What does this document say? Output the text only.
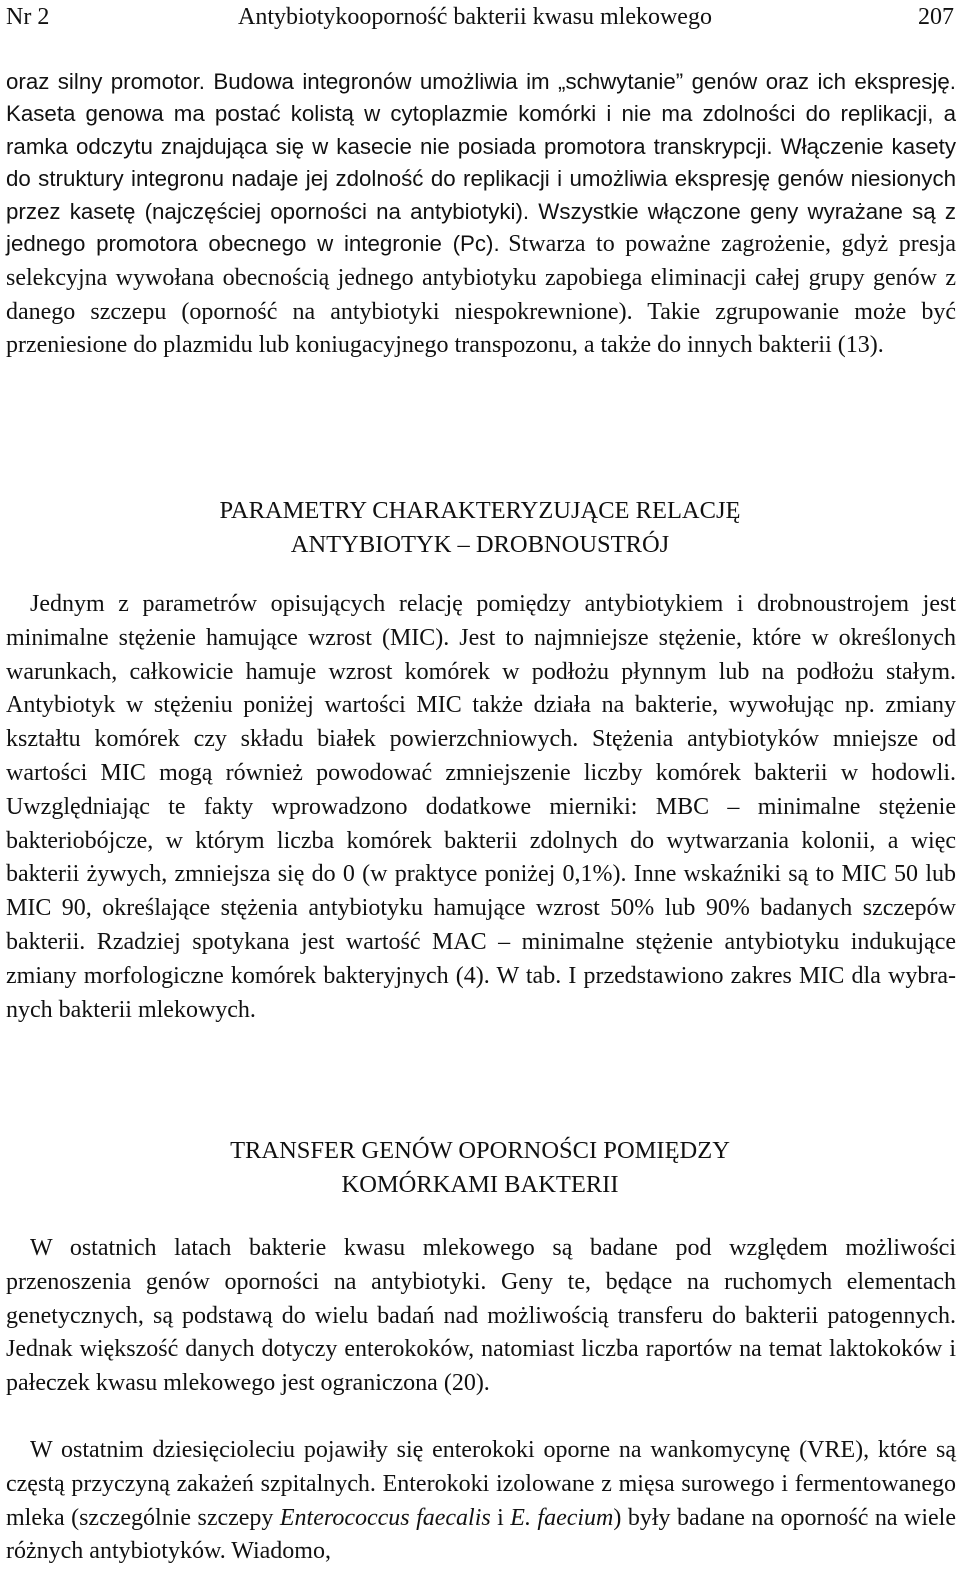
Nr 2	Antybiotykooporność bakterii kwasu mlekowego	207

oraz silny promotor. Budowa integronów umożliwia im „schwytanie” genów oraz ich ekspresję. Kaseta genowa ma postać kolistą w cytoplazmie komórki i nie ma zdolności do replikacji, a ramka odczytu znajdująca się w kasecie nie posiada promotora transkrypcji. Włączenie kasety do struktury integronu nadaje jej zdolność do replikacji i umożliwia ekspresję genów niesionych przez kasetę (najczęściej oporności na antybiotyki). Wszystkie włączone geny wyrażane są z jednego promotora obecnego w integronie (Pc). Stwarza to poważne zagrożenie, gdyż presja selekcyjna wywołana obecnością jednego antybiotyku zapobiega eliminacji całej grupy genów z danego szczepu (oporność na antybiotyki niespokrewnione). Takie zgrupowanie może być przeniesione do plazmidu lub koniugacyjnego transpozonu, a także do innych bakterii (13).

PARAMETRY CHARAKTERYZUJĄCE RELACJĘ
ANTYBIOTYK – DROBNOUSTRÓJ

Jednym z parametrów opisujących relację pomiędzy antybiotykiem i drobnoustrojem jest minimalne stężenie hamujące wzrost (MIC). Jest to najmniejsze stężenie, które w określonych warunkach, całkowicie hamuje wzrost komórek w podłożu płynnym lub na podłożu stałym. Antybiotyk w stężeniu poniżej wartości MIC także działa na bakterie, wywołując np. zmiany kształtu komórek czy składu białek powierzchniowych. Stężenia antybiotyków mniejsze od wartości MIC mogą również powodować zmniejszenie liczby komórek bakterii w hodowli. Uwzględniając te fakty wprowadzono dodatkowe mierniki: MBC – minimalne stężenie bakteriobójcze, w którym liczba komórek bakterii zdolnych do wytwarzania kolonii, a więc bakterii żywych, zmniejsza się do 0 (w praktyce poniżej 0,1%). Inne wskaźniki są to MIC 50 lub MIC 90, określające stężenia antybiotyku hamujące wzrost 50% lub 90% badanych szczepów bakterii. Rzadziej spotykana jest wartość MAC – minimalne stężenie antybiotyku indukujące zmiany morfologiczne komórek bakteryjnych (4). W tab. I przedstawiono zakres MIC dla wybranych bakterii mlekowych.

TRANSFER GENÓW OPORNOŚCI POMIĘDZY
KOMÓRKAMI BAKTERII

W ostatnich latach bakterie kwasu mlekowego są badane pod względem możliwości przenoszenia genów oporności na antybiotyki. Geny te, będące na ruchomych elementach genetycznych, są podstawą do wielu badań nad możliwością transferu do bakterii patogennych. Jednak większość danych dotyczy enterokoków, natomiast liczba raportów na temat laktokoków i pałeczek kwasu mlekowego jest ograniczona (20).

W ostatnim dziesięcioleciu pojawiły się enterokoki oporne na wankomycynę (VRE), które są częstą przyczyną zakażeń szpitalnych. Enterokoki izolowane z mięsa surowego i fermentowanego mleka (szczególnie szczepy Enterococcus faecalis i E. faecium) były badane na oporność na wiele różnych antybiotyków. Wiadomo,
